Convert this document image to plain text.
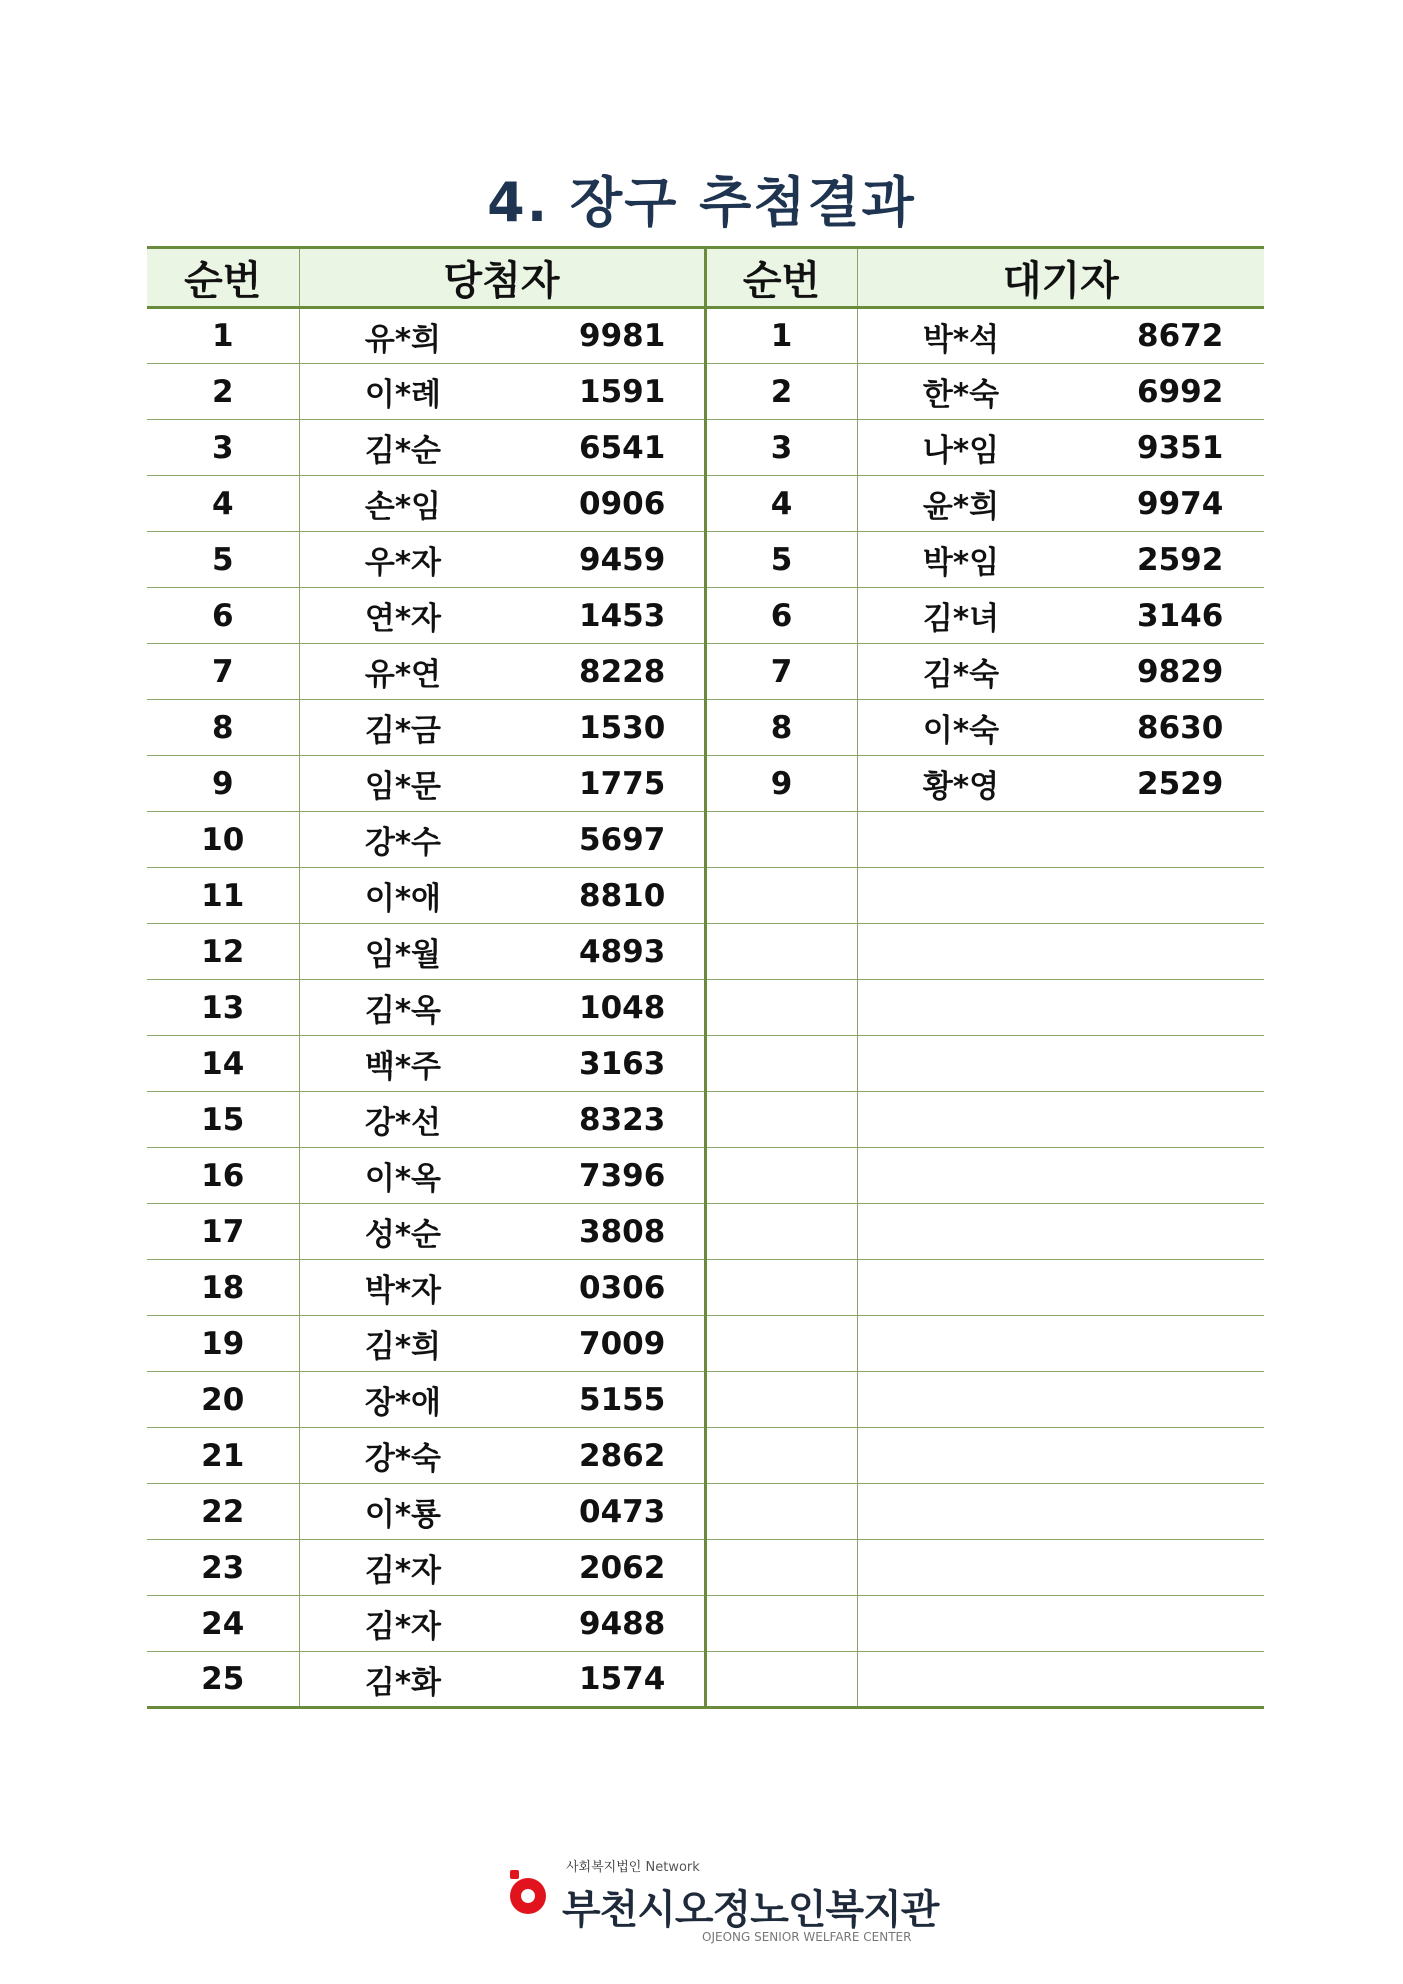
4. 장구 추첨결과
순번	당첨자		순번	대기자	
1	유*희	9981	1	박*석	8672
2	이*례	1591	2	한*숙	6992
3	김*순	6541	3	나*임	9351
4	손*임	0906	4	윤*희	9974
5	우*자	9459	5	박*임	2592
6	연*자	1453	6	김*녀	3146
7	유*연	8228	7	김*숙	9829
8	김*금	1530	8	이*숙	8630
9	임*문	1775	9	황*영	2529
10	강*수	5697			
11	이*애	8810			
12	임*월	4893			
13	김*옥	1048			
14	백*주	3163			
15	강*선	8323			
16	이*옥	7396			
17	성*순	3808			
18	박*자	0306			
19	김*희	7009			
20	장*애	5155			
21	강*숙	2862			
22	이*룡	0473			
23	김*자	2062			
24	김*자	9488			
25	김*화	1574			
사회복지법인 Network
부천시오정노인복지관
OJEONG SENIOR WELFARE CENTER
